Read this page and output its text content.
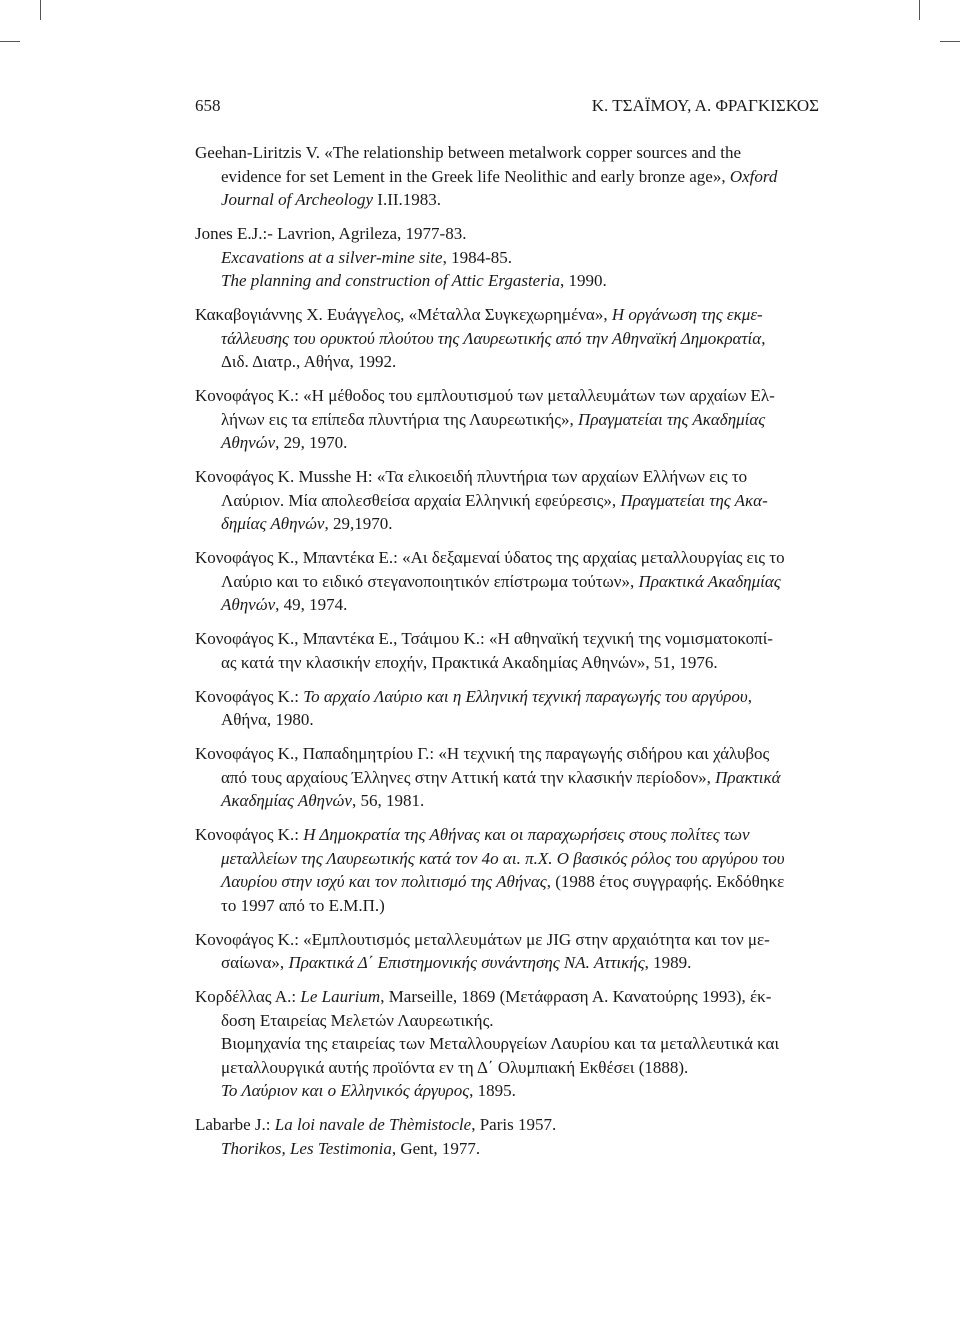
658	Κ. ΤΣΑΪΜΟΥ, Α. ΦΡΑΓΚΙΣΚΟΣ
Geehan-Liritzis V. «The relationship between metalwork copper sources and the
evidence for set Lement in the Greek life Neolithic and early bronze age», Oxford
Journal of Archeology I.II.1983.
Jones E.J.:- Lavrion, Agrileza, 1977-83.
Excavations at a silver-mine site, 1984-85.
The planning and construction of Attic Ergasteria, 1990.
Κακαβογιάννης Χ. Ευάγγελος, «Μέταλλα Συγκεχωρημένα», Η οργάνωση της εκμε-
τάλλευσης του ορυκτού πλούτου της Λαυρεωτικής από την Αθηναϊκή Δημοκρατία,
Διδ. Διατρ., Αθήνα, 1992.
Κονοφάγος Κ.: «Η μέθοδος του εμπλουτισμού των μεταλλευμάτων των αρχαίων Ελ-
λήνων εις τα επίπεδα πλυντήρια της Λαυρεωτικής», Πραγματείαι της Ακαδημίας
Αθηνών, 29, 1970.
Κονοφάγος Κ. Musshe H: «Τα ελικοειδή πλυντήρια των αρχαίων Ελλήνων εις το
Λαύριον. Μία απολεσθείσα αρχαία Ελληνική εφεύρεσις», Πραγματείαι της Ακα-
δημίας Αθηνών, 29,1970.
Κονοφάγος Κ., Μπαντέκα Ε.: «Αι δεξαμεναί ύδατος της αρχαίας μεταλλουργίας εις το
Λαύριο και το ειδικό στεγανοποιητικόν επίστρωμα τούτων», Πρακτικά Ακαδημίας
Αθηνών, 49, 1974.
Κονοφάγος Κ., Μπαντέκα Ε., Τσάιμου Κ.: «Η αθηναϊκή τεχνική της νομισματοκοπί-
ας κατά την κλασικήν εποχήν, Πρακτικά Ακαδημίας Αθηνών», 51, 1976.
Κονοφάγος Κ.: Το αρχαίο Λαύριο και η Ελληνική τεχνική παραγωγής του αργύρου,
Αθήνα, 1980.
Κονοφάγος Κ., Παπαδημητρίου Γ.: «Η τεχνική της παραγωγής σιδήρου και χάλυβος
από τους αρχαίους Έλληνες στην Αττική κατά την κλασικήν περίοδον», Πρακτικά
Ακαδημίας Αθηνών, 56, 1981.
Κονοφάγος Κ.: Η Δημοκρατία της Αθήνας και οι παραχωρήσεις στους πολίτες των
μεταλλείων της Λαυρεωτικής κατά τον 4ο αι. π.Χ. Ο βασικός ρόλος του αργύρου του
Λαυρίου στην ισχύ και τον πολιτισμό της Αθήνας, (1988 έτος συγγραφής. Εκδόθηκε
το 1997 από το Ε.Μ.Π.)
Κονοφάγος Κ.: «Εμπλουτισμός μεταλλευμάτων με JIG στην αρχαιότητα και τον με-
σαίωνα», Πρακτικά Δ΄ Επιστημονικής συνάντησης ΝΑ. Αττικής, 1989.
Κορδέλλας Α.: Le Laurium, Marseille, 1869 (Μετάφραση Α. Κανατούρης 1993), έκ-
δοση Εταιρείας Μελετών Λαυρεωτικής.
Βιομηχανία της εταιρείας των Μεταλλουργείων Λαυρίου και τα μεταλλευτικά και
μεταλλουργικά αυτής προϊόντα εν τη Δ΄ Ολυμπιακή Εκθέσει (1888).
Το Λαύριον και ο Ελληνικός άργυρος, 1895.
Labarbe J.: La loi navale de Thèmistocle, Paris 1957.
Thorikos, Les Testimonia, Gent, 1977.
